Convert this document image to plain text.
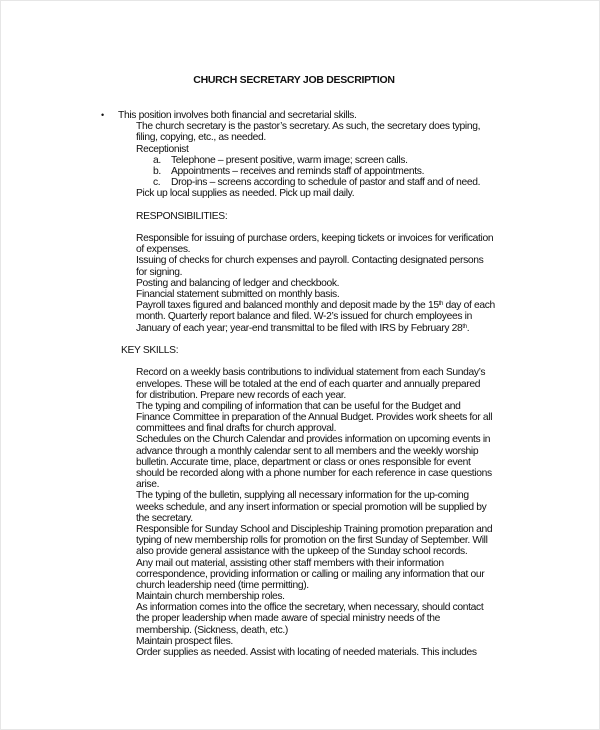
CHURCH SECRETARY JOB DESCRIPTION
• This position involves both financial and secretarial skills.
The church secretary is the pastor’s secretary. As such, the secretary does typing,
filing, copying, etc., as needed.
Receptionist
a. Telephone – present positive, warm image; screen calls.
b. Appointments – receives and reminds staff of appointments.
c. Drop-ins – screens according to schedule of pastor and staff and of need.
Pick up local supplies as needed. Pick up mail daily.
RESPONSIBILITIES:
Responsible for issuing of purchase orders, keeping tickets or invoices for verification
of expenses.
Issuing of checks for church expenses and payroll. Contacting designated persons
for signing.
Posting and balancing of ledger and checkbook.
Financial statement submitted on monthly basis.
Payroll taxes figured and balanced monthly and deposit made by the 15th day of each
month. Quarterly report balance and filed. W-2’s issued for church employees in
January of each year; year-end transmittal to be filed with IRS by February 28th.
KEY SKILLS:
Record on a weekly basis contributions to individual statement from each Sunday’s
envelopes. These will be totaled at the end of each quarter and annually prepared
for distribution. Prepare new records of each year.
The typing and compiling of information that can be useful for the Budget and
Finance Committee in preparation of the Annual Budget. Provides work sheets for all
committees and final drafts for church approval.
Schedules on the Church Calendar and provides information on upcoming events in
advance through a monthly calendar sent to all members and the weekly worship
bulletin. Accurate time, place, department or class or ones responsible for event
should be recorded along with a phone number for each reference in case questions
arise.
The typing of the bulletin, supplying all necessary information for the up-coming
weeks schedule, and any insert information or special promotion will be supplied by
the secretary.
Responsible for Sunday School and Discipleship Training promotion preparation and
typing of new membership rolls for promotion on the first Sunday of September. Will
also provide general assistance with the upkeep of the Sunday school records.
Any mail out material, assisting other staff members with their information
correspondence, providing information or calling or mailing any information that our
church leadership need (time permitting).
Maintain church membership roles.
As information comes into the office the secretary, when necessary, should contact
the proper leadership when made aware of special ministry needs of the
membership. (Sickness, death, etc.)
Maintain prospect files.
Order supplies as needed. Assist with locating of needed materials. This includes
